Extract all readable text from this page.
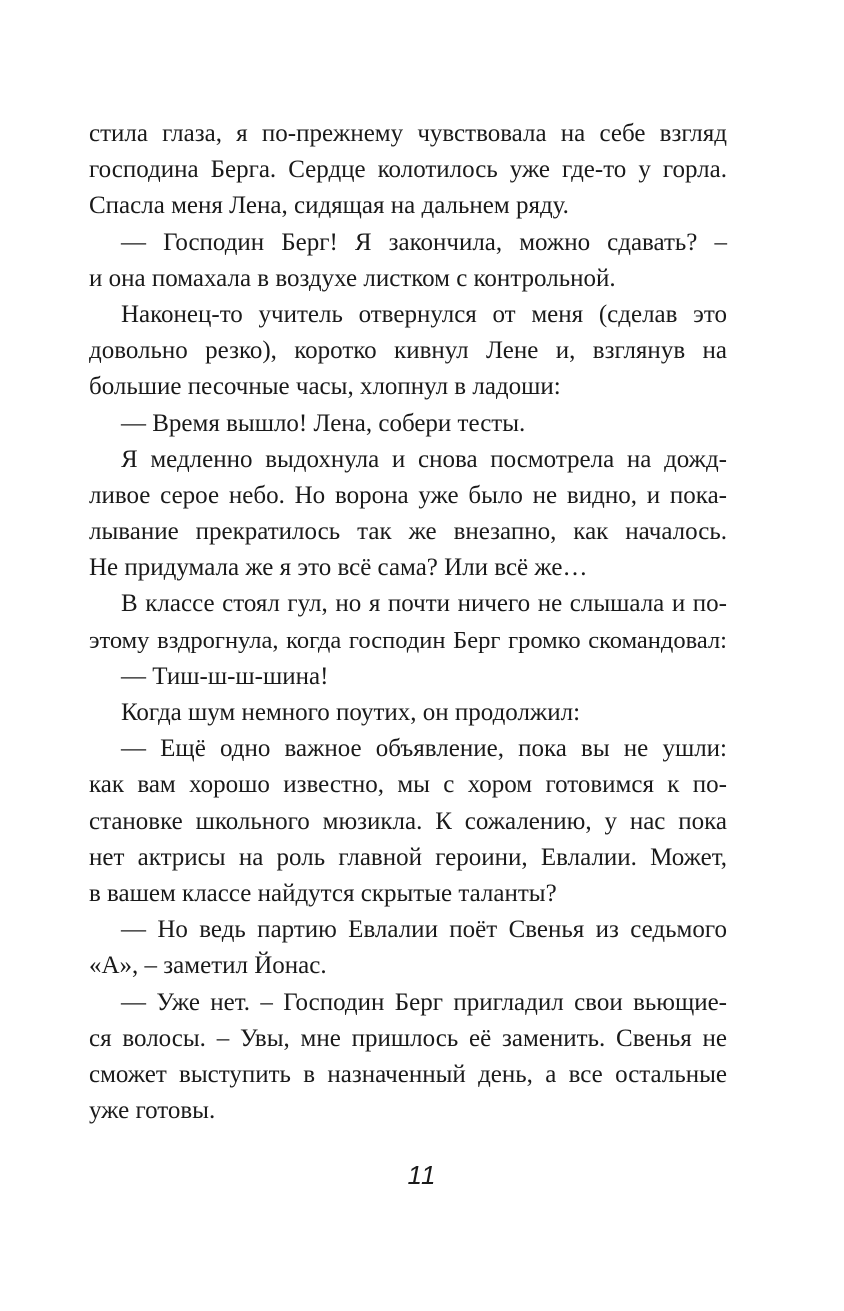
стила глаза, я по-прежнему чувствовала на себе взгляд
господина Берга. Сердце колотилось уже где-то у горла.
Спасла меня Лена, сидящая на дальнем ряду.
— Господин Берг! Я закончила, можно сдавать? –
и она помахала в воздухе листком с контрольной.
Наконец-то учитель отвернулся от меня (сделав это
довольно резко), коротко кивнул Лене и, взглянув на
большие песочные часы, хлопнул в ладоши:
— Время вышло! Лена, собери тесты.
Я медленно выдохнула и снова посмотрела на дожд-
ливое серое небо. Но ворона уже было не видно, и пока-
лывание прекратилось так же внезапно, как началось.
Не придумала же я это всё сама? Или всё же…
В классе стоял гул, но я почти ничего не слышала и по-
этому вздрогнула, когда господин Берг громко скомандовал:
— Тиш-ш-ш-шина!
Когда шум немного поутих, он продолжил:
— Ещё одно важное объявление, пока вы не ушли:
как вам хорошо известно, мы с хором готовимся к по-
становке школьного мюзикла. К сожалению, у нас пока
нет актрисы на роль главной героини, Евлалии. Может,
в вашем классе найдутся скрытые таланты?
— Но ведь партию Евлалии поёт Свенья из седьмого
«А», – заметил Йонас.
— Уже нет. – Господин Берг пригладил свои вьющие-
ся волосы. – Увы, мне пришлось её заменить. Свенья не
сможет выступить в назначенный день, а все остальные
уже готовы.
11
